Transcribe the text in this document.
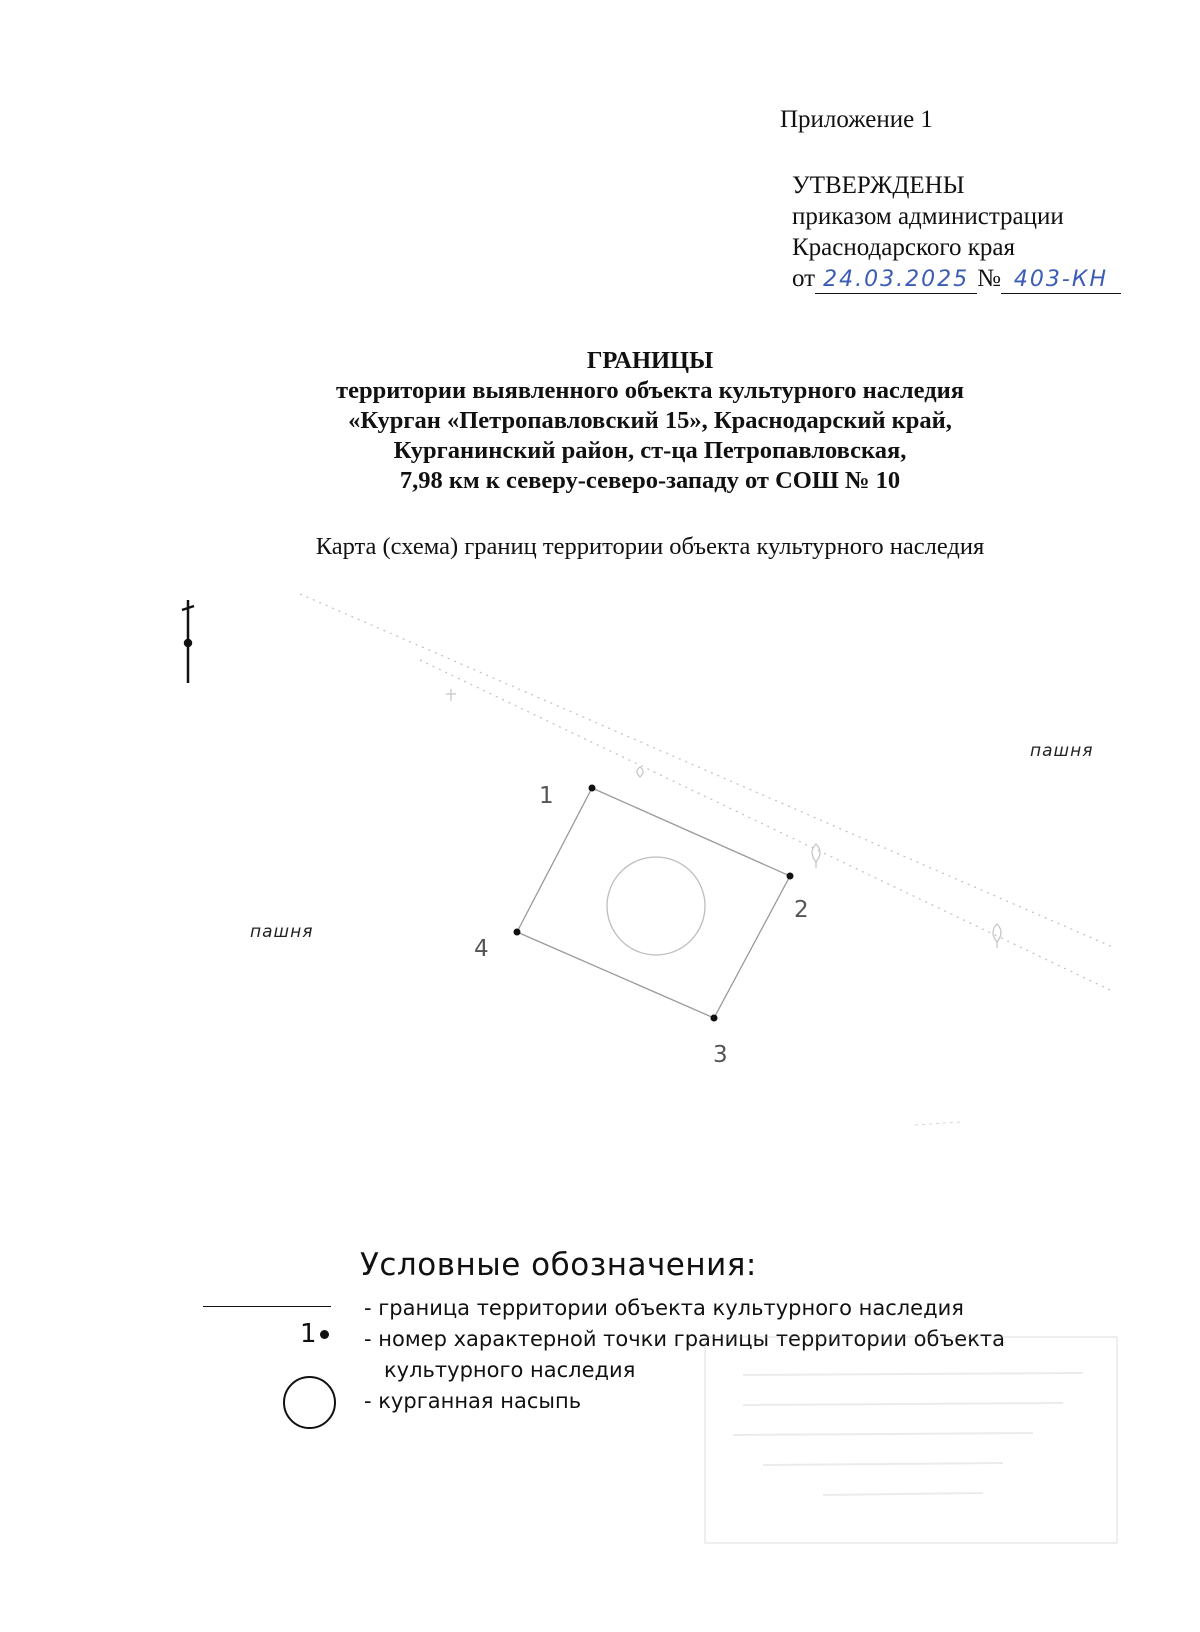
Приложение 1
УТВЕРЖДЕНЫ
приказом администрации
Краснодарского края
от 24.03.2025 № 403-КН
ГРАНИЦЫ
территории выявленного объекта культурного наследия
«Курган «Петропавловский 15», Краснодарский край,
Курганинский район, ст-ца Петропавловская,
7,98 км к северу-северо-западу от СОШ № 10
Карта (схема) границ территории объекта культурного наследия
1
2
3
4
пашня
пашня
Условные обозначения:
- граница территории объекта культурного наследия
1 - номер характерной точки границы территории объекта
культурного наследия
- курганная насыпь
